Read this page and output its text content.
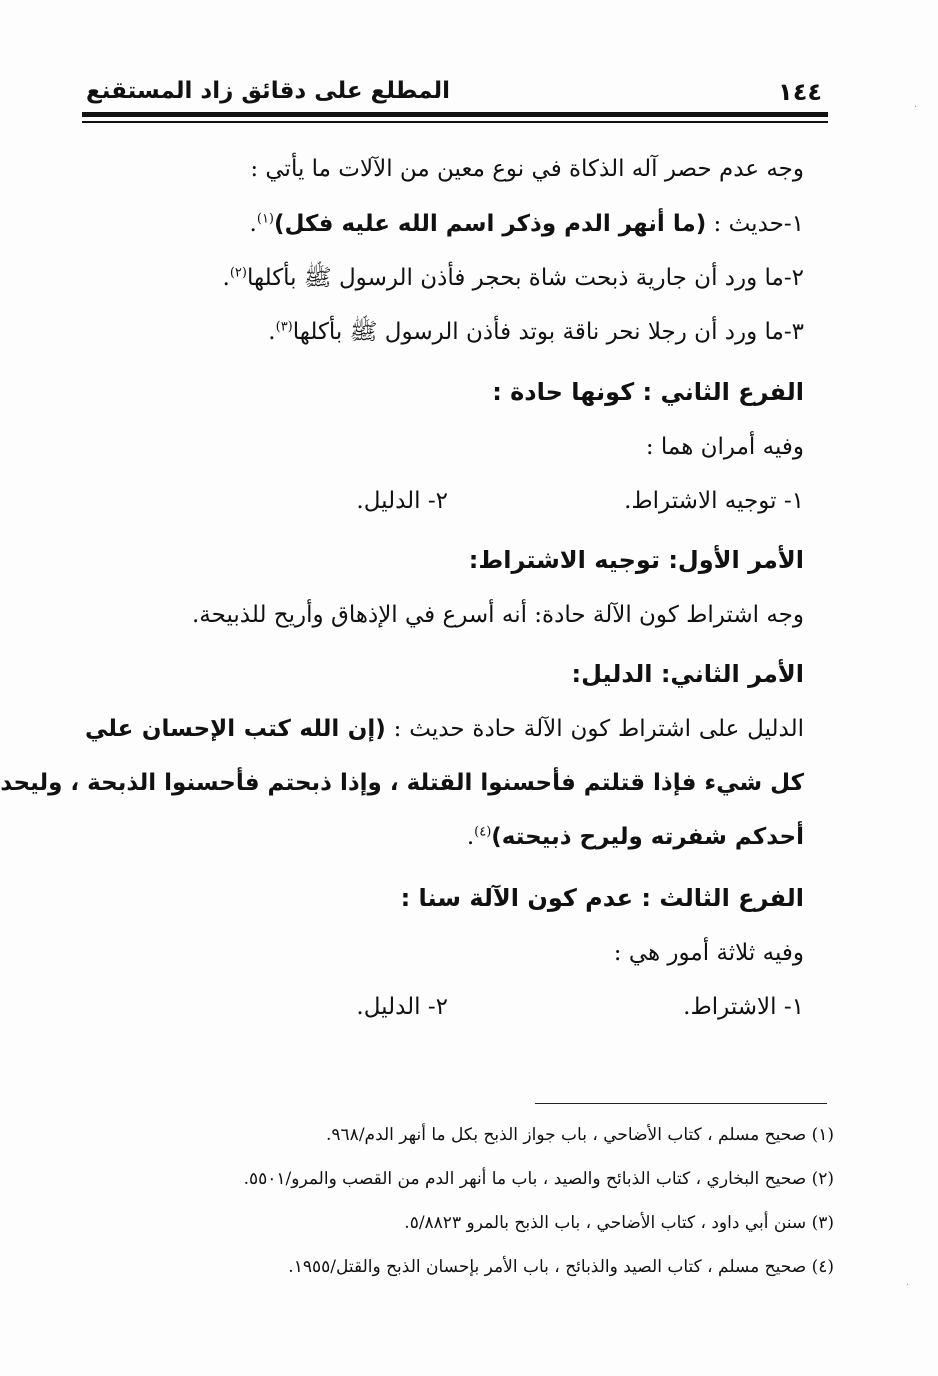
١٤٤
المطلع على دقائق زاد المستقنع
وجه عدم حصر آله الذكاة في نوع معين من الآلات ما يأتي :
١-حديث : (ما أنهر الدم وذكر اسم الله عليه فكل)$^{(١)}$.
٢-ما ورد أن جارية ذبحت شاة بحجر فأذن الرسول ﷺ بأكلها$^{(٢)}$.
٣-ما ورد أن رجلا نحر ناقة بوتد فأذن الرسول ﷺ بأكلها$^{(٣)}$.
الفرع الثاني : كونها حادة :
وفيه أمران هما :
١- توجيه الاشتراط.
٢- الدليل.
الأمر الأول: توجيه الاشتراط:
وجه اشتراط كون الآلة حادة: أنه أسرع في الإذهاق وأريح للذبيحة.
الأمر الثاني: الدليل:
الدليل على اشتراط كون الآلة حادة حديث : (إن الله كتب الإحسان علي
كل شيء فإذا قتلتم فأحسنوا القتلة ، وإذا ذبحتم فأحسنوا الذبحة ، وليحد
أحدكم شفرته وليرح ذبيحته)$^{(٤)}$.
الفرع الثالث : عدم كون الآلة سنا :
وفيه ثلاثة أمور هي :
١- الاشتراط.
٢- الدليل.
(١) صحيح مسلم ، كتاب الأضاحي ، باب جواز الذبح بكل ما أنهر الدم/٩٦٨.
(٢) صحيح البخاري ، كتاب الذبائح والصيد ، باب ما أنهر الدم من القصب والمرو/٥٥٠١.
(٣) سنن أبي داود ، كتاب الأضاحي ، باب الذبح بالمرو ٥/٨٨٢٣.
(٤) صحيح مسلم ، كتاب الصيد والذبائح ، باب الأمر بإحسان الذبح والقتل/١٩٥٥.
·
·
